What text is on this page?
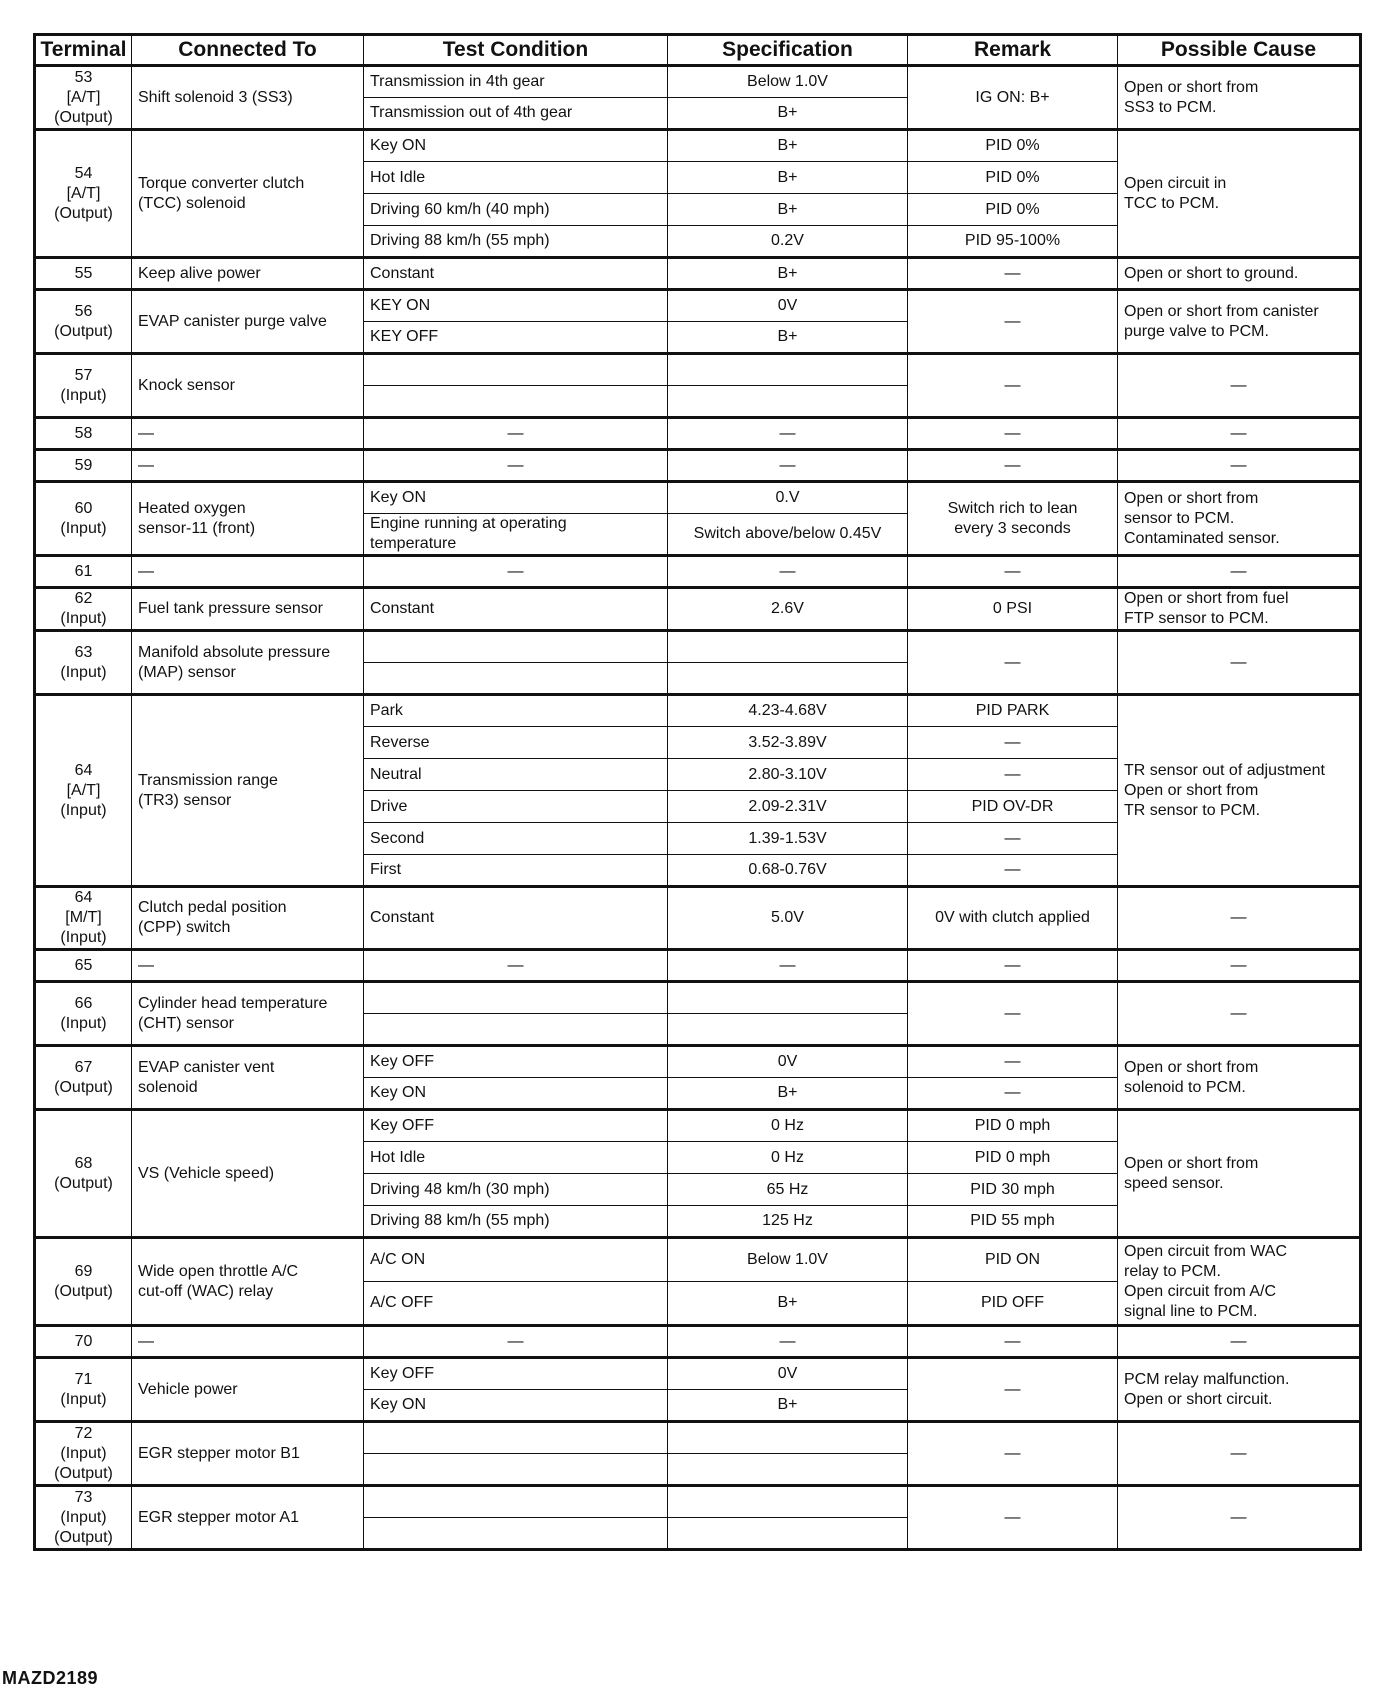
Terminal	Connected To	Test Condition	Specification	Remark	Possible Cause

53
[A/T]
(Output)	Shift solenoid 3 (SS3)	Transmission in 4th gear	Below 1.0V	IG ON: B+	Open or short from
SS3 to PCM.

		Transmission out of 4th gear	B+		

54
[A/T]
(Output)	Torque converter clutch
(TCC) solenoid	Key ON	B+	PID 0%	Open circuit in
TCC to PCM.

		Hot Idle	B+	PID 0%	

		Driving 60 km/h (40 mph)	B+	PID 0%	

		Driving 88 km/h (55 mph)	0.2V	PID 95-100%	

55	Keep alive power	Constant	B+	—	Open or short to ground.

56
(Output)	EVAP canister purge valve	KEY ON	0V	—	Open or short from canister
purge valve to PCM.

		KEY OFF	B+		

57
(Input)	Knock sensor			—	—

58	—	—	—	—	—

59	—	—	—	—	—

60
(Input)	Heated oxygen
sensor-11 (front)	Key ON	0.V	Switch rich to lean
every 3 seconds	Open or short from
sensor to PCM.
Contaminated sensor.

		Engine running at operating
temperature	Switch above/below 0.45V		

61	—	—	—	—	—

62
(Input)	Fuel tank pressure sensor	Constant	2.6V	0 PSI	Open or short from fuel
FTP sensor to PCM.

63
(Input)	Manifold absolute pressure
(MAP) sensor			—	—

64
[A/T]
(Input)	Transmission range
(TR3) sensor	Park	4.23-4.68V	PID PARK	TR sensor out of adjustment
Open or short from
TR sensor to PCM.

		Reverse	3.52-3.89V	—	

		Neutral	2.80-3.10V	—	

		Drive	2.09-2.31V	PID OV-DR	

		Second	1.39-1.53V	—	

		First	0.68-0.76V	—	

64
[M/T]
(Input)	Clutch pedal position
(CPP) switch	Constant	5.0V	0V with clutch applied	—

65	—	—	—	—	—

66
(Input)	Cylinder head temperature
(CHT) sensor			—	—

67
(Output)	EVAP canister vent
solenoid	Key OFF	0V	—	Open or short from
solenoid to PCM.

		Key ON	B+	—	

68
(Output)	VS (Vehicle speed)	Key OFF	0 Hz	PID 0 mph	Open or short from
speed sensor.

		Hot Idle	0 Hz	PID 0 mph	

		Driving 48 km/h (30 mph)	65 Hz	PID 30 mph	

		Driving 88 km/h (55 mph)	125 Hz	PID 55 mph	

69
(Output)	Wide open throttle A/C
cut-off (WAC) relay	A/C ON	Below 1.0V	PID ON	Open circuit from WAC
relay to PCM.
Open circuit from A/C
signal line to PCM.

		A/C OFF	B+	PID OFF	

70	—	—	—	—	—

71
(Input)	Vehicle power	Key OFF	0V	—	PCM relay malfunction.
Open or short circuit.

		Key ON	B+		

72
(Input)
(Output)	EGR stepper motor B1			—	—

73
(Input)
(Output)	EGR stepper motor A1			—	—

MAZD2189
